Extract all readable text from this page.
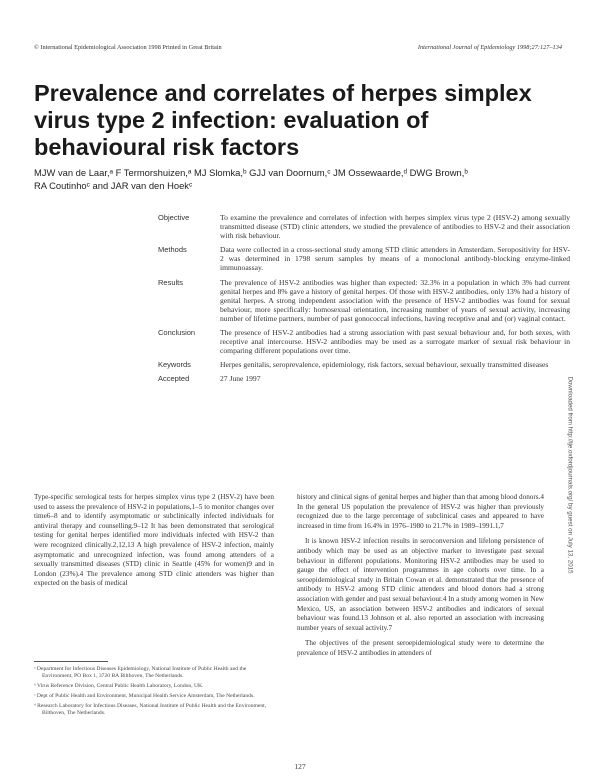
© International Epidemiological Association 1998 Printed in Great Britain	International Journal of Epidemiology 1998;27:127–134
Prevalence and correlates of herpes simplex virus type 2 infection: evaluation of behavioural risk factors
MJW van de Laar,ᵃ F Termorshuizen,ᵃ MJ Slomka,ᵇ GJJ van Doornum,ᶜ JM Ossewaarde,ᵈ DWG Brown,ᵇ
RA Coutinhoᶜ and JAR van den Hoekᶜ
Objective	To examine the prevalence and correlates of infection with herpes simplex virus type 2 (HSV-2) among sexually transmitted disease (STD) clinic attenders, we studied the prevalence of antibodies to HSV-2 and their association with risk behaviour.
Methods	Data were collected in a cross-sectional study among STD clinic attenders in Amsterdam. Seropositivity for HSV-2 was determined in 1798 serum samples by means of a monoclonal antibody-blocking enzyme-linked immunoassay.
Results	The prevalence of HSV-2 antibodies was higher than expected: 32.3% in a population in which 3% had current genital herpes and 8% gave a history of genital herpes. Of those with HSV-2 antibodies, only 13% had a history of genital herpes. A strong independent association with the presence of HSV-2 antibodies was found for sexual behaviour, more specifically: homosexual orientation, increasing number of years of sexual activity, increasing number of lifetime partners, number of past gonococcal infections, having receptive anal and (or) vaginal contact.
Conclusion	The presence of HSV-2 antibodies had a strong association with past sexual behaviour and, for both sexes, with receptive anal intercourse. HSV-2 antibodies may be used as a surrogate marker of sexual risk behaviour in comparing different populations over time.
Keywords	Herpes genitalis, seroprevalence, epidemiology, risk factors, sexual behaviour, sexually transmitted diseases
Accepted	27 June 1997

Type-specific serological tests for herpes simplex virus type 2 (HSV-2) have been used to assess the prevalence of HSV-2 in populations,1–5 to monitor changes over time6–8 and to identify asymptomatic or subclinically infected individuals for antiviral therapy and counselling.9–12 It has been demonstrated that serological testing for genital herpes identified more individuals infected with HSV-2 than were recognized clinically.2,12,13 A high prevalence of HSV-2 infection, mainly asymptomatic and unrecognized infection, was found among attenders of a sexually transmitted diseases (STD) clinic in Seattle (45% for women)9 and in London (23%).4 The prevalence among STD clinic attenders was higher than expected on the basis of medical

history and clinical signs of genital herpes and higher than that among blood donors.4 In the general US population the prevalence of HSV-2 was higher than previously recognized due to the large percentage of subclinical cases and appeared to have increased in time from 16.4% in 1976–1980 to 21.7% in 1989–1991.1,7

It is known HSV-2 infection results in seroconversion and lifelong persistence of antibody which may be used as an objective marker to investigate past sexual behaviour in different populations. Monitoring HSV-2 antibodies may be used to gauge the effect of intervention programmes in age cohorts over time. In a seroepidemiological study in Britain Cowan et al. demonstrated that the presence of antibody to HSV-2 among STD clinic attenders and blood donors had a strong association with gender and past sexual behaviour.4 In a study among women in New Mexico, US, an association between HSV-2 antibodies and indicators of sexual behaviour was found.13 Johnson et al. also reported an association with increasing number years of sexual activity.7

The objectives of the present seroepidemiological study were to determine the prevalence of HSV-2 antibodies in attenders of

ᵃ Department for Infectious Diseases Epidemiology, National Institute of Public Health and the Environment, PO Box 1, 3720 BA Bilthoven, The Netherlands.
ᵇ Virus Reference Division, Central Public Health Laboratory, London, UK.
ᶜ Dept of Public Health and Environment, Municipal Health Service Amsterdam, The Netherlands.
ᵈ Research Laboratory for Infectious Diseases, National Institute of Public Health and the Environment, Bilthoven, The Netherlands.
Downloaded from http://ije.oxfordjournals.org/ by guest on July 13, 2015
127
